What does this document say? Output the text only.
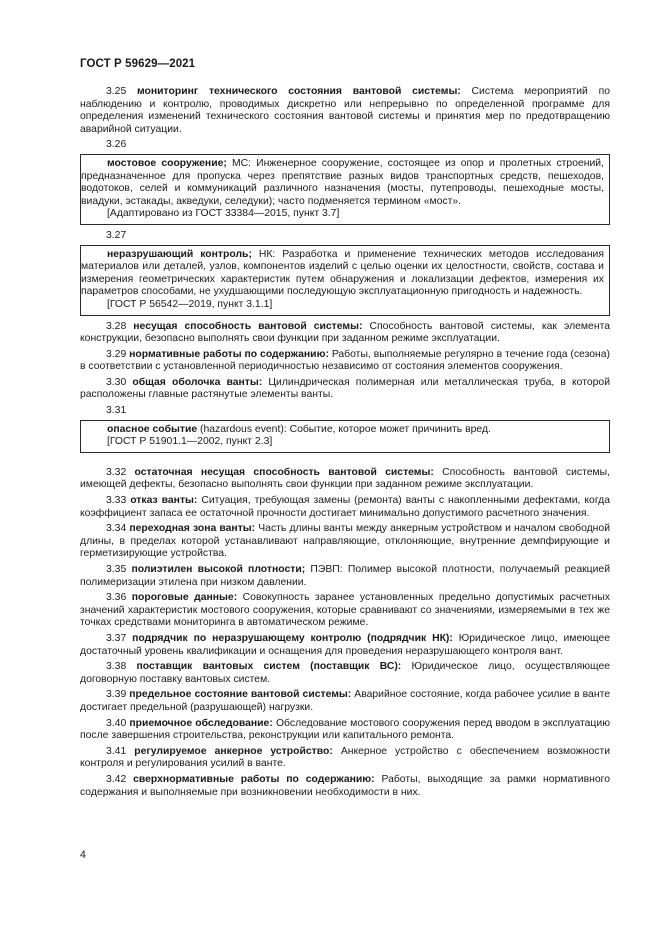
ГОСТ Р 59629—2021

3.25 мониторинг технического состояния вантовой системы: Система мероприятий по наблюдению и контролю, проводимых дискретно или непрерывно по определенной программе для определения изменений технического состояния вантовой системы и принятия мер по предотвращению аварийной ситуации.

3.26

мостовое сооружение; МС: Инженерное сооружение, состоящее из опор и пролетных строений, предназначенное для пропуска через препятствие разных видов транспортных средств, пешеходов, водотоков, селей и коммуникаций различного назначения (мосты, путепроводы, пешеходные мосты, виадуки, эстакады, акведуки, селедуки); часто подменяется термином «мост».

[Адаптировано из ГОСТ 33384—2015, пункт 3.7]
3.27

неразрушающий контроль; НК: Разработка и применение технических методов исследования материалов или деталей, узлов, компонентов изделий с целью оценки их целостности, свойств, состава и измерения геометрических характеристик путем обнаружения и локализации дефектов, измерения их параметров способами, не ухудшающими последующую эксплуатационную пригодность и надежность.

[ГОСТ Р 56542—2019, пункт 3.1.1]

3.28 несущая способность вантовой системы: Способность вантовой системы, как элемента конструкции, безопасно выполнять свои функции при заданном режиме эксплуатации.

3.29 нормативные работы по содержанию: Работы, выполняемые регулярно в течение года (сезона) в соответствии с установленной периодичностью независимо от состояния элементов сооружения.

3.30 общая оболочка ванты: Цилиндрическая полимерная или металлическая труба, в которой расположены главные растянутые элементы ванты.

3.31

опасное событие (hazardous event): Событие, которое может причинить вред.

[ГОСТ Р 51901.1—2002, пункт 2.3]

3.32 остаточная несущая способность вантовой системы: Способность вантовой системы, имеющей дефекты, безопасно выполнять свои функции при заданном режиме эксплуатации.

3.33 отказ ванты: Ситуация, требующая замены (ремонта) ванты с накопленными дефектами, когда коэффициент запаса ее остаточной прочности достигает минимально допустимого расчетного значения.

3.34 переходная зона ванты: Часть длины ванты между анкерным устройством и началом свободной длины, в пределах которой устанавливают направляющие, отклоняющие, внутренние демпфирующие и герметизирующие устройства.

3.35 полиэтилен высокой плотности; ПЭВП: Полимер высокой плотности, получаемый реакцией полимеризации этилена при низком давлении.

3.36 пороговые данные: Совокупность заранее установленных предельно допустимых расчетных значений характеристик мостового сооружения, которые сравнивают со значениями, измеряемыми в тех же точках средствами мониторинга в автоматическом режиме.

3.37 подрядчик по неразрушающему контролю (подрядчик НК): Юридическое лицо, имеющее достаточный уровень квалификации и оснащения для проведения неразрушающего контроля вант.

3.38 поставщик вантовых систем (поставщик ВС): Юридическое лицо, осуществляющее договорную поставку вантовых систем.

3.39 предельное состояние вантовой системы: Аварийное состояние, когда рабочее усилие в ванте достигает предельной (разрушающей) нагрузки.

3.40 приемочное обследование: Обследование мостового сооружения перед вводом в эксплуатацию после завершения строительства, реконструкции или капитального ремонта.

3.41 регулируемое анкерное устройство: Анкерное устройство с обеспечением возможности контроля и регулирования усилий в ванте.

3.42 сверхнормативные работы по содержанию: Работы, выходящие за рамки нормативного содержания и выполняемые при возникновении необходимости в них.

4
